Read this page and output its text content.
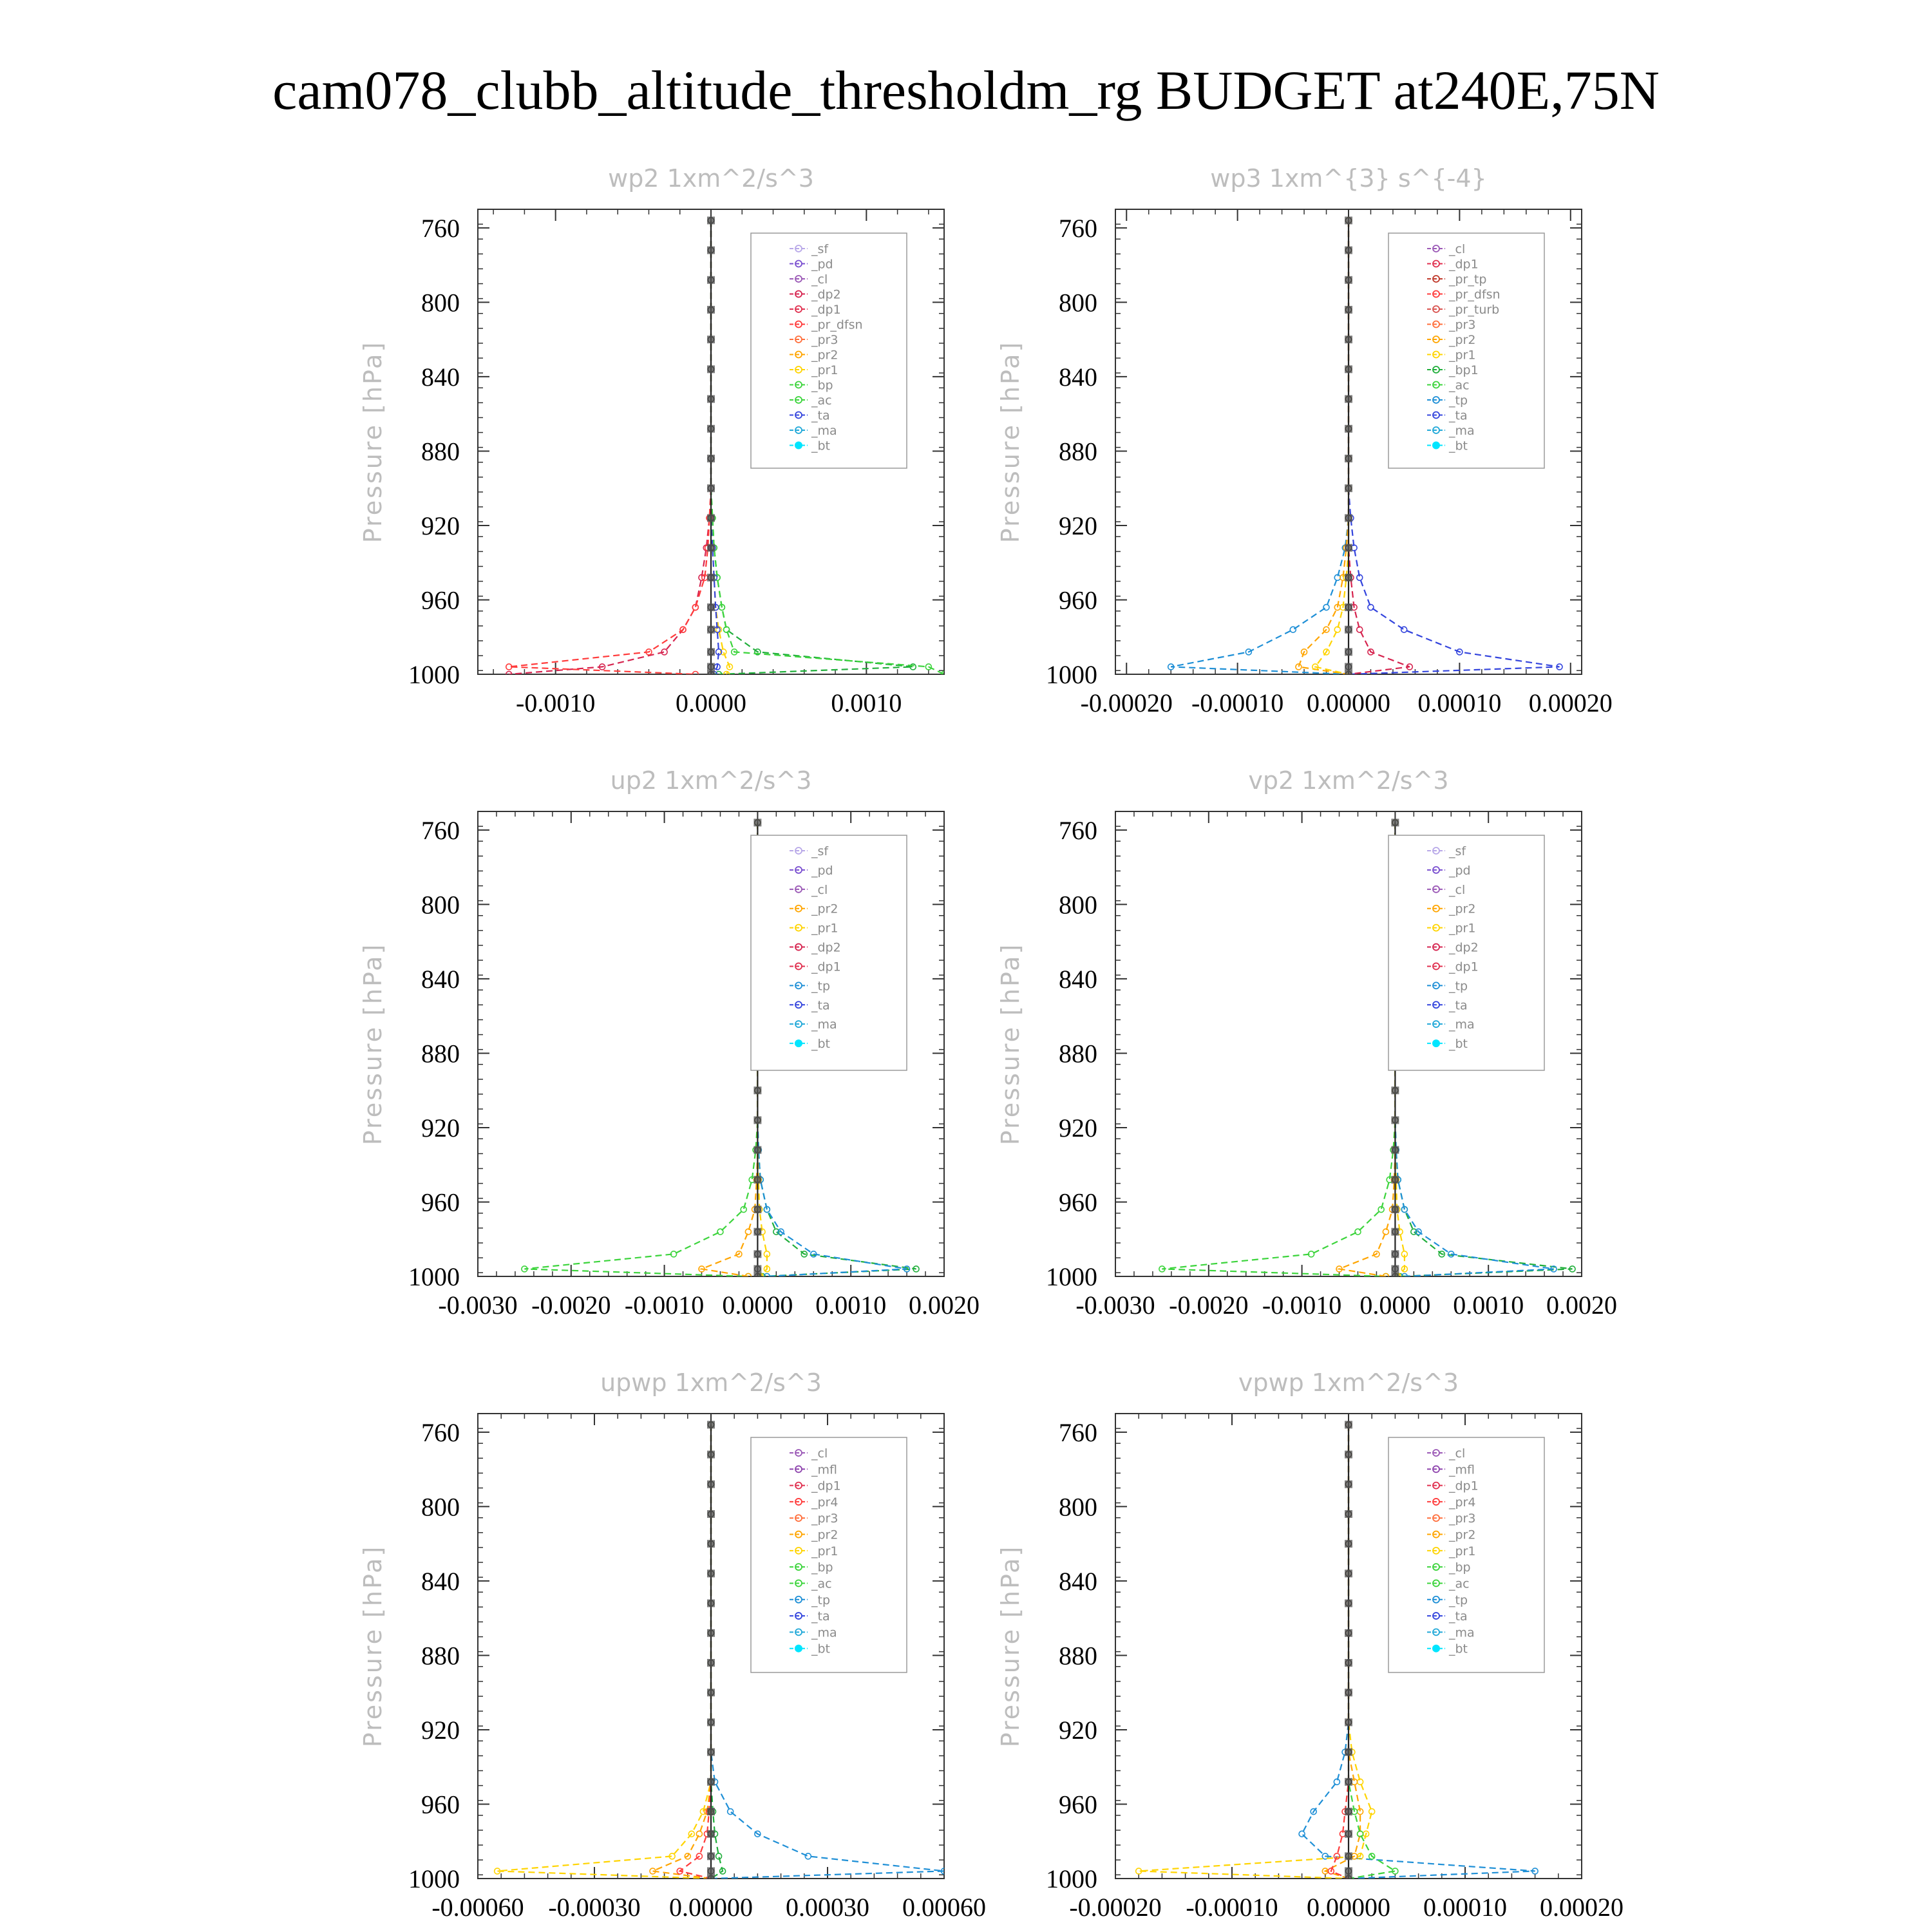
cam078_clubb_altitude_thresholdm_rg BUDGET at240E,75N
wp2 1xm^2/s^3
Pressure [hPa]
760
800
840
880
920
960
1000
-0.0010	0.0000	0.0010
_sf
_pd
_cl
_dp2
_dp1
_pr_dfsn
_pr3
_pr2
_pr1
_bp
_ac
_ta
_ma
_bt
wp3 1xm^{3} s^{-4}
Pressure [hPa]
760
800
840
880
920
960
1000
-0.00020 -0.00010 0.00000 0.00010 0.00020
_cl
_dp1
_pr_tp
_pr_dfsn
_pr_turb
_pr3
_pr2
_pr1
_bp1
_ac
_tp
_ta
_ma
_bt
up2 1xm^2/s^3
Pressure [hPa]
760
800
840
880
920
960
1000
-0.0030 -0.0020 -0.0010 0.0000 0.0010 0.0020
_sf
_pd
_cl
_pr2
_pr1
_dp2
_dp1
_tp
_ta
_ma
_bt
vp2 1xm^2/s^3
Pressure [hPa]
760
800
840
880
920
960
1000
-0.0030 -0.0020 -0.0010 0.0000 0.0010 0.0020
_sf
_pd
_cl
_pr2
_pr1
_dp2
_dp1
_tp
_ta
_ma
_bt
upwp 1xm^2/s^3
Pressure [hPa]
760
800
840
880
920
960
1000
-0.00060 -0.00030 0.00000 0.00030 0.00060
_cl
_mfl
_dp1
_pr4
_pr3
_pr2
_pr1
_bp
_ac
_tp
_ta
_ma
_bt
vpwp 1xm^2/s^3
Pressure [hPa]
760
800
840
880
920
960
1000
-0.00020 -0.00010 0.00000 0.00010 0.00020
_cl
_mfl
_dp1
_pr4
_pr3
_pr2
_pr1
_bp
_ac
_tp
_ta
_ma
_bt
